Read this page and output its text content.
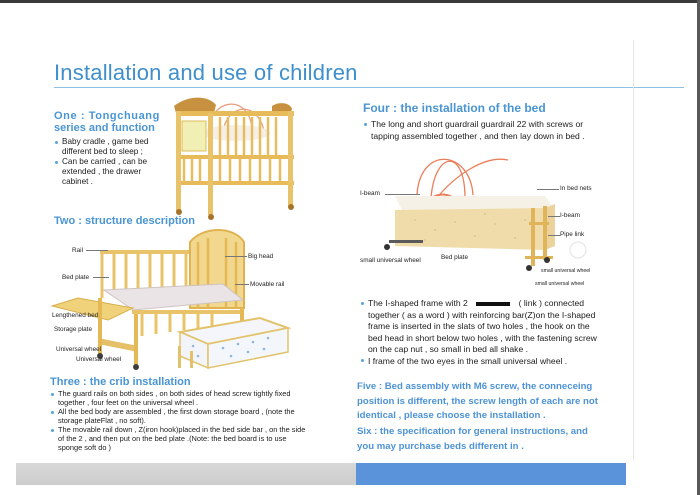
Installation and use of children
One : Tongchuang
series and function
Baby cradle , game bed different bed to sleep ;
Can be carried , can be extended , the drawer cabinet .
Two : structure description
Rail
Bed plate
Lengthened bed
Storage plate
Universal wheel
Universal wheel
Big head
Movable rail
Three : the crib installation
The guard rails on both sides , on both sides of head screw tightly fixed together , four feet on the universal wheel .
All the bed body are assembled , the first down storage board , (note the storage plateFlat , no soft).
The movable rail down , Z(iron hook)placed in the bed side bar , on the side of the 2 , and then put on the bed plate .(Note: the bed board is to use sponge soft do )
Four : the installation of the bed
The long and short guardrail guardrail 22 with screws or tapping assembled together , and then lay down in bed .
I-beam
In bed nets
I-beam
Pipe link
small universal wheel	Bed plate
small universal wheel
small universal wheel
The I-shaped frame with 2	( link ) connected together ( as a word ) with reinforcing bar(Z)on the I-shaped frame is inserted in the slats of two holes , the hook on the bed head in short below two holes , with the fastening screw on the cap nut , so small in bed all shake .
I frame of the two eyes in the small universal wheel .
Five : Bed assembly with M6 screw, the conneceing position is different, the screw length of each are not identical , please choose the installation .
Six : the specification for general instructions, and you may purchase beds different in .
